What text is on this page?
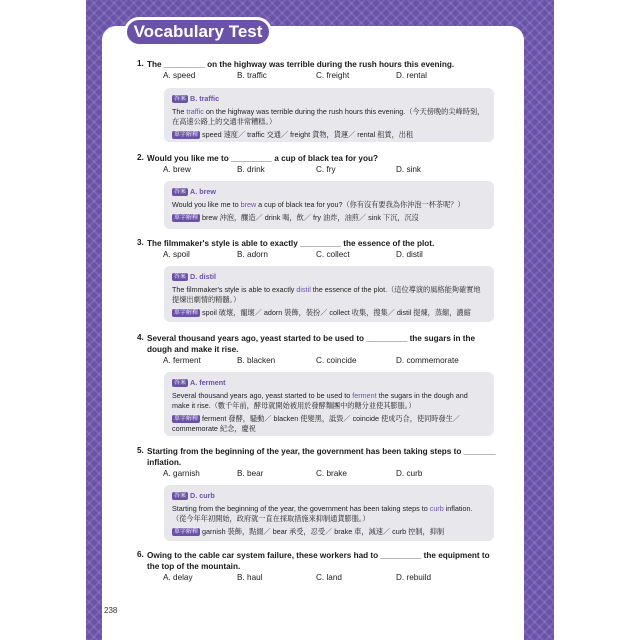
Vocabulary Test
1. The _________ on the highway was terrible during the rush hours this evening.
A. speed	B. traffic	C. freight	D. rental
答案 B. traffic
The traffic on the highway was terrible during the rush hours this evening.（今天傍晚的尖峰時刻，在高速公路上的交通非常糟糕。）
單字解釋 speed 速度／ traffic 交通／ freight 貨物，貨運／ rental 租賃，出租
2. Would you like me to _________ a cup of black tea for you?
A. brew	B. drink	C. fry	D. sink
答案 A. brew
Would you like me to brew a cup of black tea for you?（你有沒有要我為你沖泡一杯茶呢？）
單字解釋 brew 沖泡，釀造／ drink 喝，飲／ fry 油炸，油煎／ sink 下沉，沉沒
3. The filmmaker's style is able to exactly _________ the essence of the plot.
A. spoil	B. adorn	C. collect	D. distil
答案 D. distil
The filmmaker's style is able to exactly distil the essence of the plot.（這位導演的風格能夠確實地提煉出劇情的精髓。）
單字解釋 spoil 破壞，寵壞／ adorn 裝飾，裝扮／ collect 收集，搜集／ distil 提煉，蒸餾，濃縮
4. Several thousand years ago, yeast started to be used to _________ the sugars in the dough and make it rise.
A. ferment	B. blacken	C. coincide	D. commemorate
答案 A. ferment
Several thousand years ago, yeast started to be used to ferment the sugars in the dough and make it rise.（數千年前，酵母就開始被用於發酵麵團中的糖分並使其膨脹。）
單字解釋 ferment 發酵，騷動／ blacken 使變黑，詆毀／ coincide 使成巧合，使同時發生／ commemorate 紀念，慶祝
5. Starting from the beginning of the year, the government has been taking steps to _______ inflation.
A. garnish	B. bear	C. brake	D. curb
答案 D. curb
Starting from the beginning of the year, the government has been taking steps to curb inflation.（從今年年初開始，政府就一直在採取措施來抑制通貨膨脹。）
單字解釋 garnish 裝飾，點綴／ bear 承受，忍受／ brake 車，減速／ curb 控制，抑制
6. Owing to the cable car system failure, these workers had to _________ the equipment to the top of the mountain.
A. delay	B. haul	C. land	D. rebuild
238
